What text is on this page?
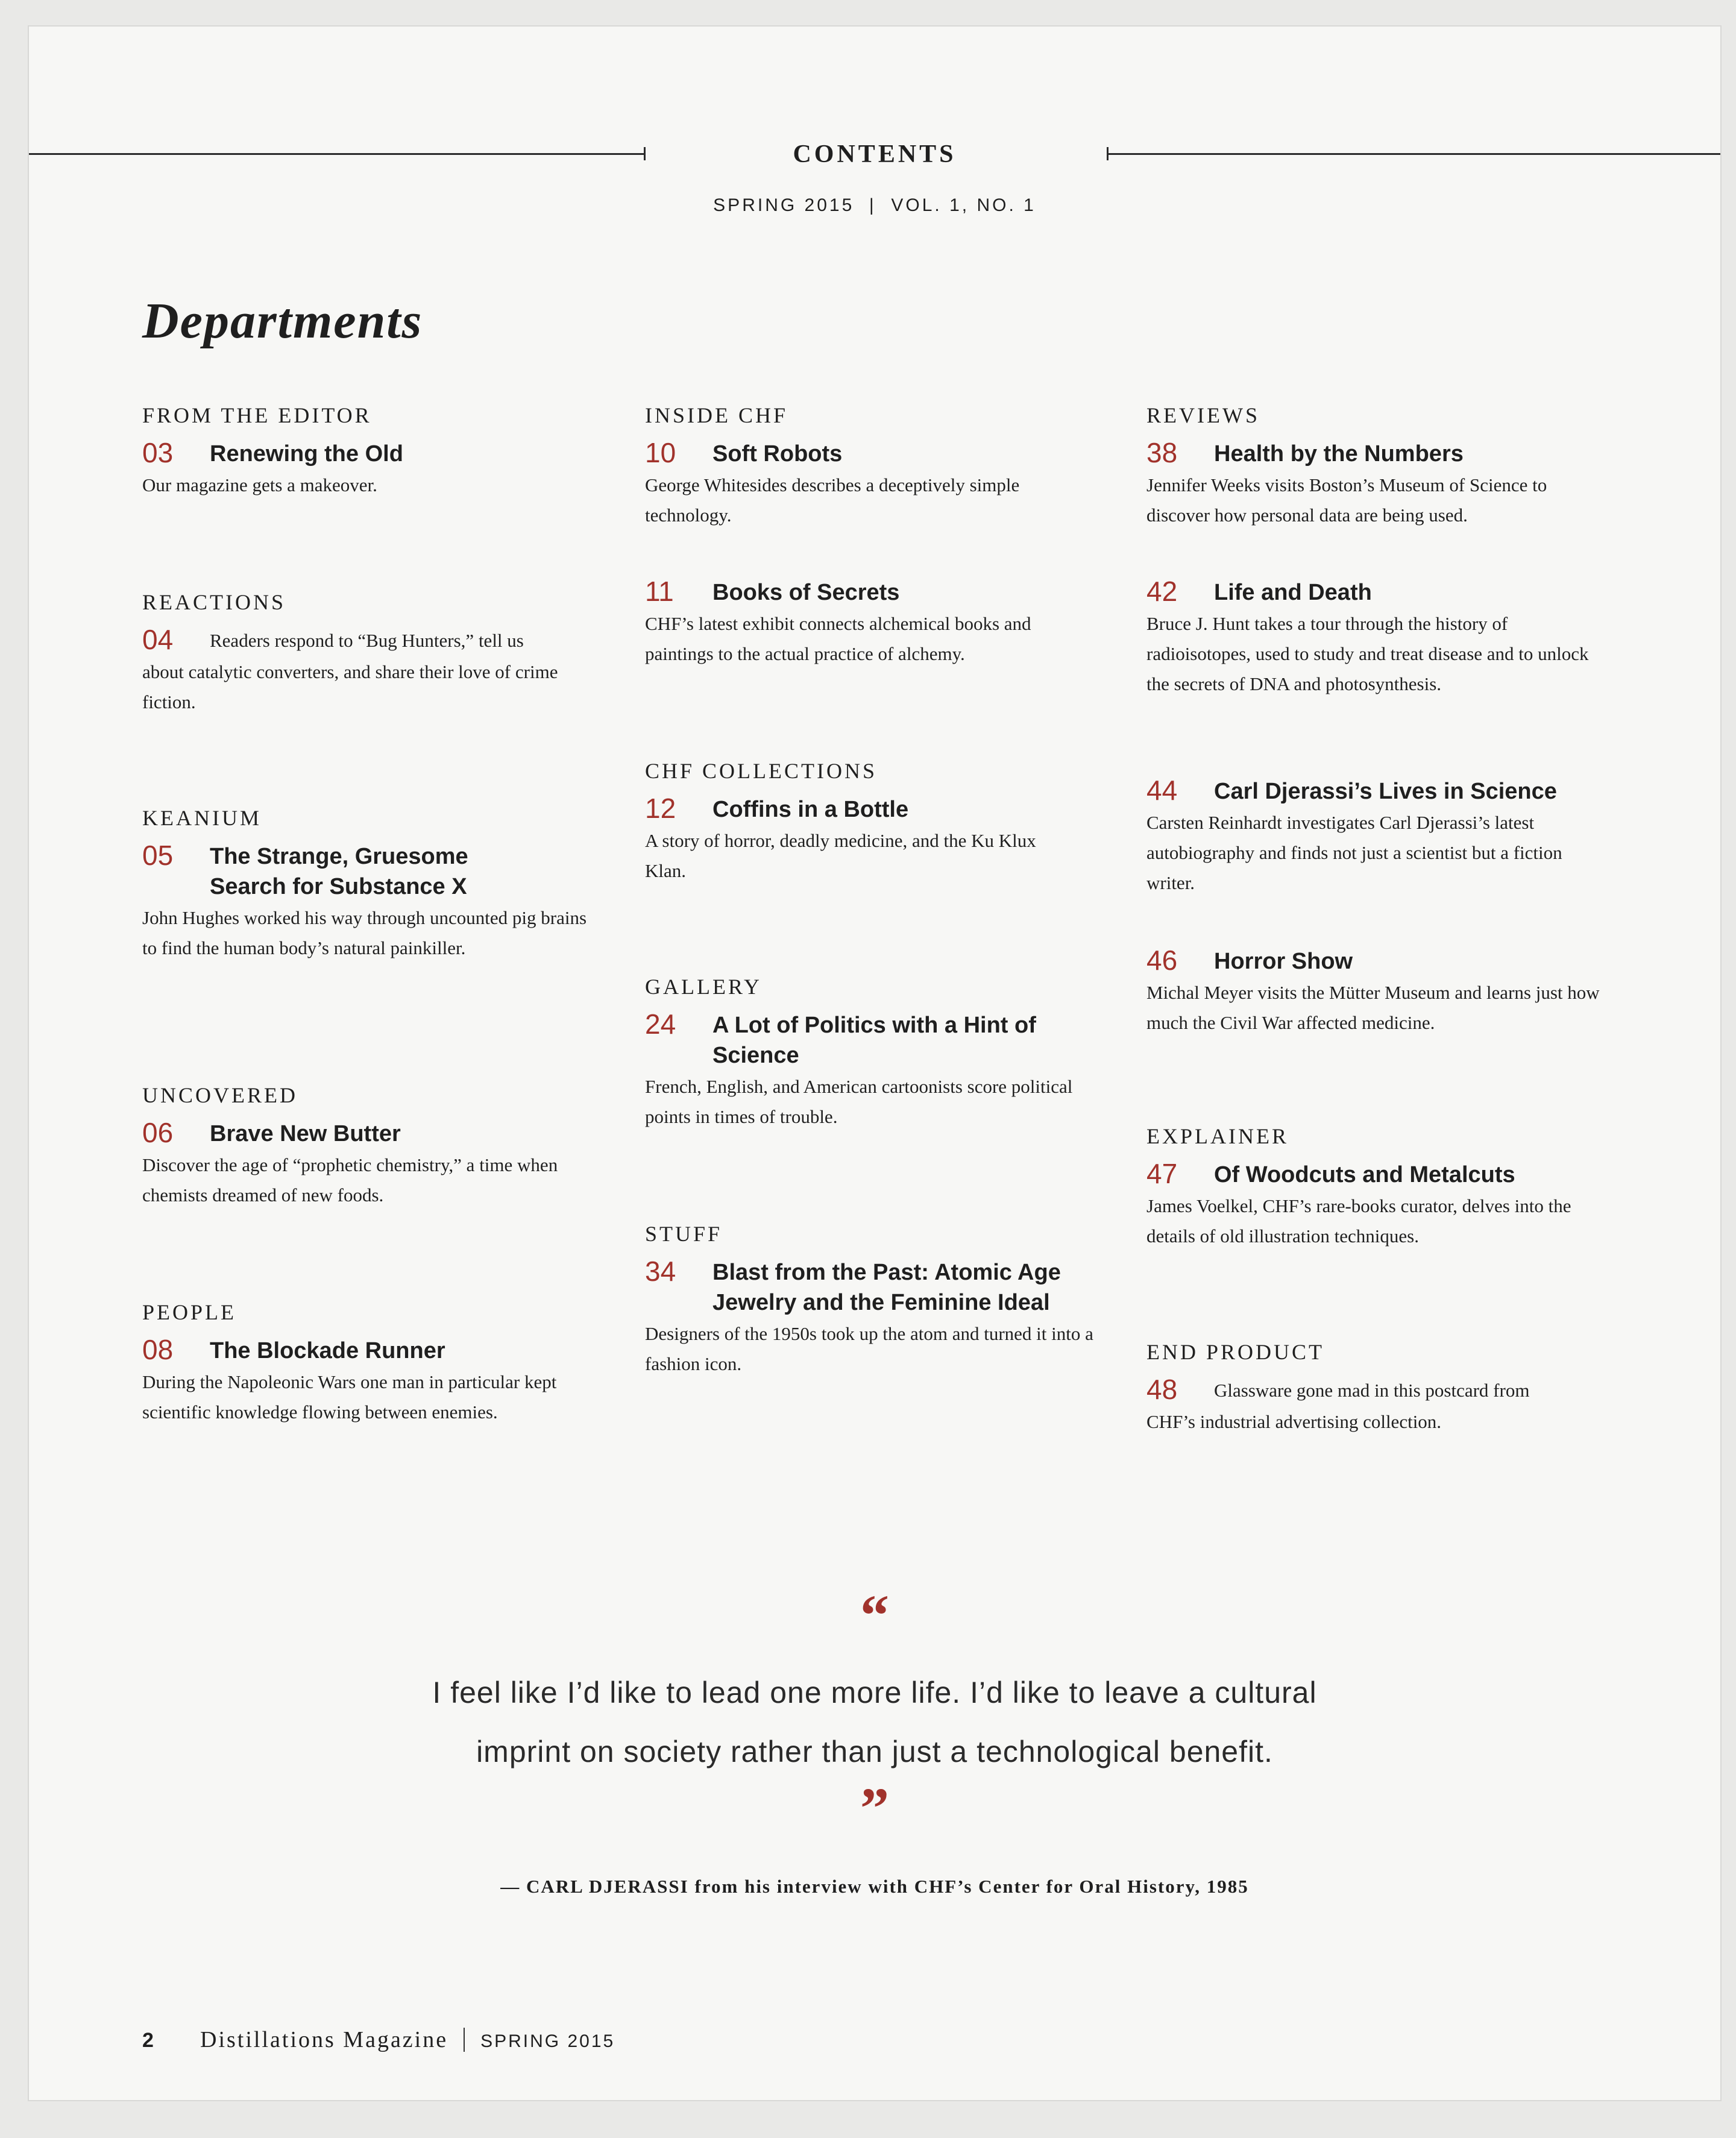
CONTENTS
SPRING 2015  |  VOL. 1, NO. 1
Departments
FROM THE EDITOR
03	Renewing the Old
Our magazine gets a makeover.
REACTIONS
04	Readers respond to “Bug Hunters,” tell us
about catalytic converters, and share their love of crime fiction.
KEANIUM
05	The Strange, Gruesome Search for Substance X
John Hughes worked his way through uncounted pig brains to find the human body’s natural painkiller.
UNCOVERED
06	Brave New Butter
Discover the age of “prophetic chemistry,” a time when chemists dreamed of new foods.
PEOPLE
08	The Blockade Runner
During the Napoleonic Wars one man in particular kept scientific knowledge flowing between enemies.
INSIDE CHF
10	Soft Robots
George Whitesides describes a deceptively simple technology.
11	Books of Secrets
CHF’s latest exhibit connects alchemical books and paintings to the actual practice of alchemy.
CHF COLLECTIONS
12	Coffins in a Bottle
A story of horror, deadly medicine, and the Ku Klux Klan.
GALLERY
24	A Lot of Politics with a Hint of Science
French, English, and American cartoonists score political points in times of trouble.
STUFF
34	Blast from the Past: Atomic Age Jewelry and the Feminine Ideal
Designers of the 1950s took up the atom and turned it into a fashion icon.
REVIEWS
38	Health by the Numbers
Jennifer Weeks visits Boston’s Museum of Science to discover how personal data are being used.
42	Life and Death
Bruce J. Hunt takes a tour through the history of radioisotopes, used to study and treat disease and to unlock the secrets of DNA and photosynthesis.
44	Carl Djerassi’s Lives in Science
Carsten Reinhardt investigates Carl Djerassi’s latest autobiography and finds not just a scientist but a fiction writer.
46	Horror Show
Michal Meyer visits the Mütter Museum and learns just how much the Civil War affected medicine.
EXPLAINER
47	Of Woodcuts and Metalcuts
James Voelkel, CHF’s rare-books curator, delves into the details of old illustration techniques.
END PRODUCT
48	Glassware gone mad in this postcard from
CHF’s industrial advertising collection.
“
I feel like I’d like to lead one more life. I’d like to leave a cultural
imprint on society rather than just a technological benefit.
”
— CARL DJERASSI from his interview with CHF’s Center for Oral History, 1985
2	Distillations Magazine SPRING 2015
